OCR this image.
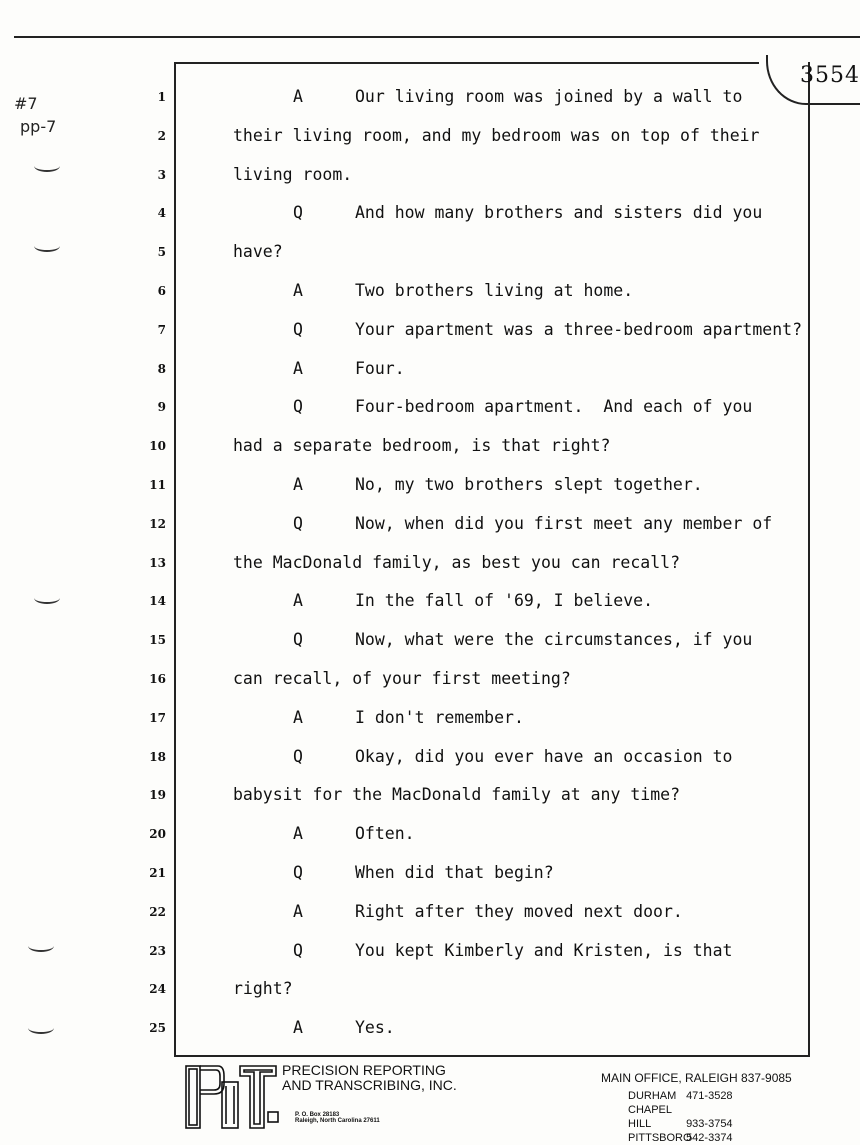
3554
#7
pp-7
1	A	Our living room was joined by a wall to
2	their living room, and my bedroom was on top of their
3	living room.
4	Q	And how many brothers and sisters did you
5	have?
6	A	Two brothers living at home.
7	Q	Your apartment was a three-bedroom apartment?
8	A	Four.
9	Q	Four-bedroom apartment.  And each of you
10	had a separate bedroom, is that right?
11	A	No, my two brothers slept together.
12	Q	Now, when did you first meet any member of
13	the MacDonald family, as best you can recall?
14	A	In the fall of '69, I believe.
15	Q	Now, what were the circumstances, if you
16	can recall, of your first meeting?
17	A	I don't remember.
18	Q	Okay, did you ever have an occasion to
19	babysit for the MacDonald family at any time?
20	A	Often.
21	Q	When did that begin?
22	A	Right after they moved next door.
23	Q	You kept Kimberly and Kristen, is that
24	right?
25	A	Yes.
PRECISION REPORTING
AND TRANSCRIBING, INC.
P. O. Box 28183
Raleigh, North Carolina 27611
MAIN OFFICE, RALEIGH 837-9085
DURHAM 471-3528
CHAPEL HILL	933-3754
PITTSBORO 542-3374
